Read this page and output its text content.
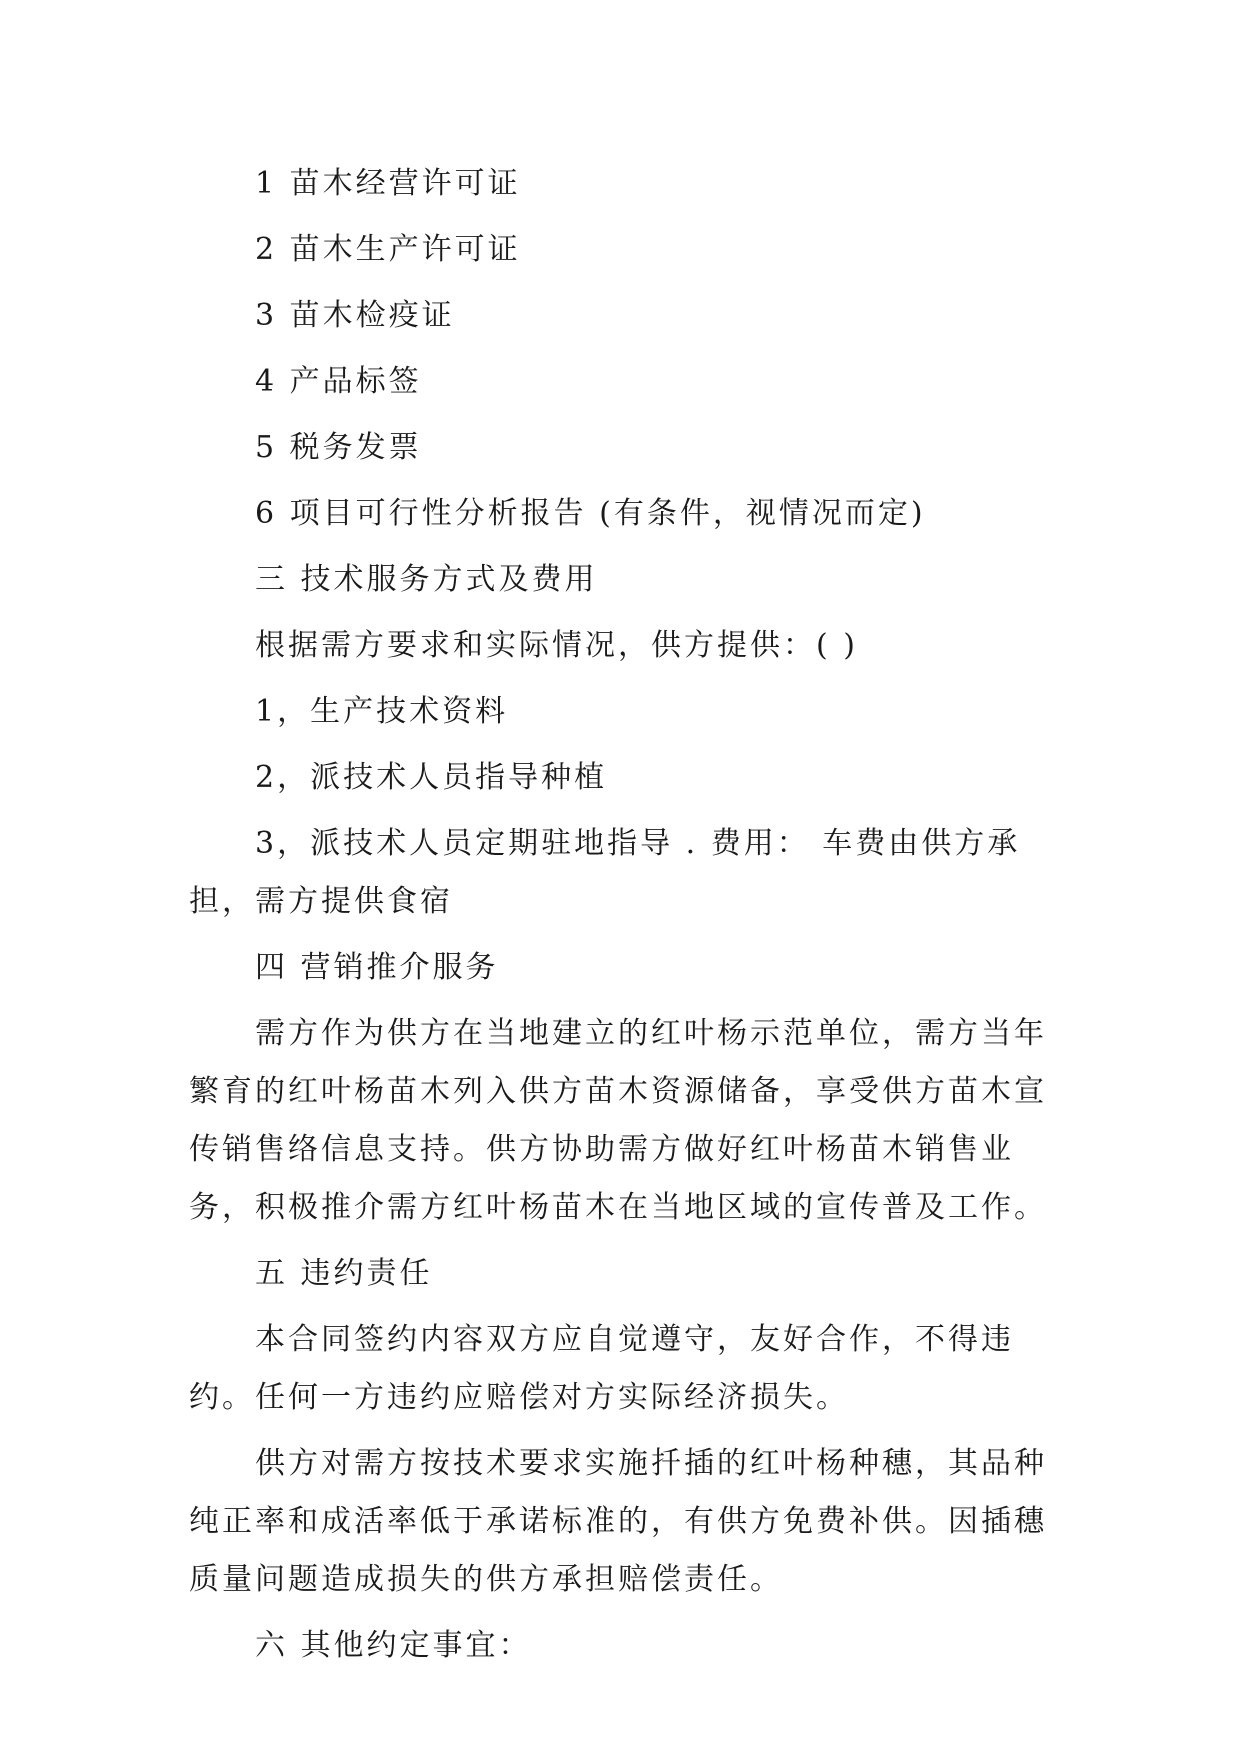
1 苗木经营许可证

2 苗木生产许可证

3 苗木检疫证

4 产品标签

5 税务发票

6 项目可行性分析报告 (有条件，视情况而定)

三 技术服务方式及费用

根据需方要求和实际情况，供方提供：( )

1，生产技术资料

2，派技术人员指导种植

3，派技术人员定期驻地指导 . 费用： 车费由供方承担，需方提供食宿

四 营销推介服务

需方作为供方在当地建立的红叶杨示范单位，需方当年繁育的红叶杨苗木列入供方苗木资源储备，享受供方苗木宣传销售络信息支持。供方协助需方做好红叶杨苗木销售业务，积极推介需方红叶杨苗木在当地区域的宣传普及工作。

五 违约责任

本合同签约内容双方应自觉遵守，友好合作，不得违约。任何一方违约应赔偿对方实际经济损失。

供方对需方按技术要求实施扦插的红叶杨种穗，其品种纯正率和成活率低于承诺标准的，有供方免费补供。因插穗质量问题造成损失的供方承担赔偿责任。

六 其他约定事宜：
